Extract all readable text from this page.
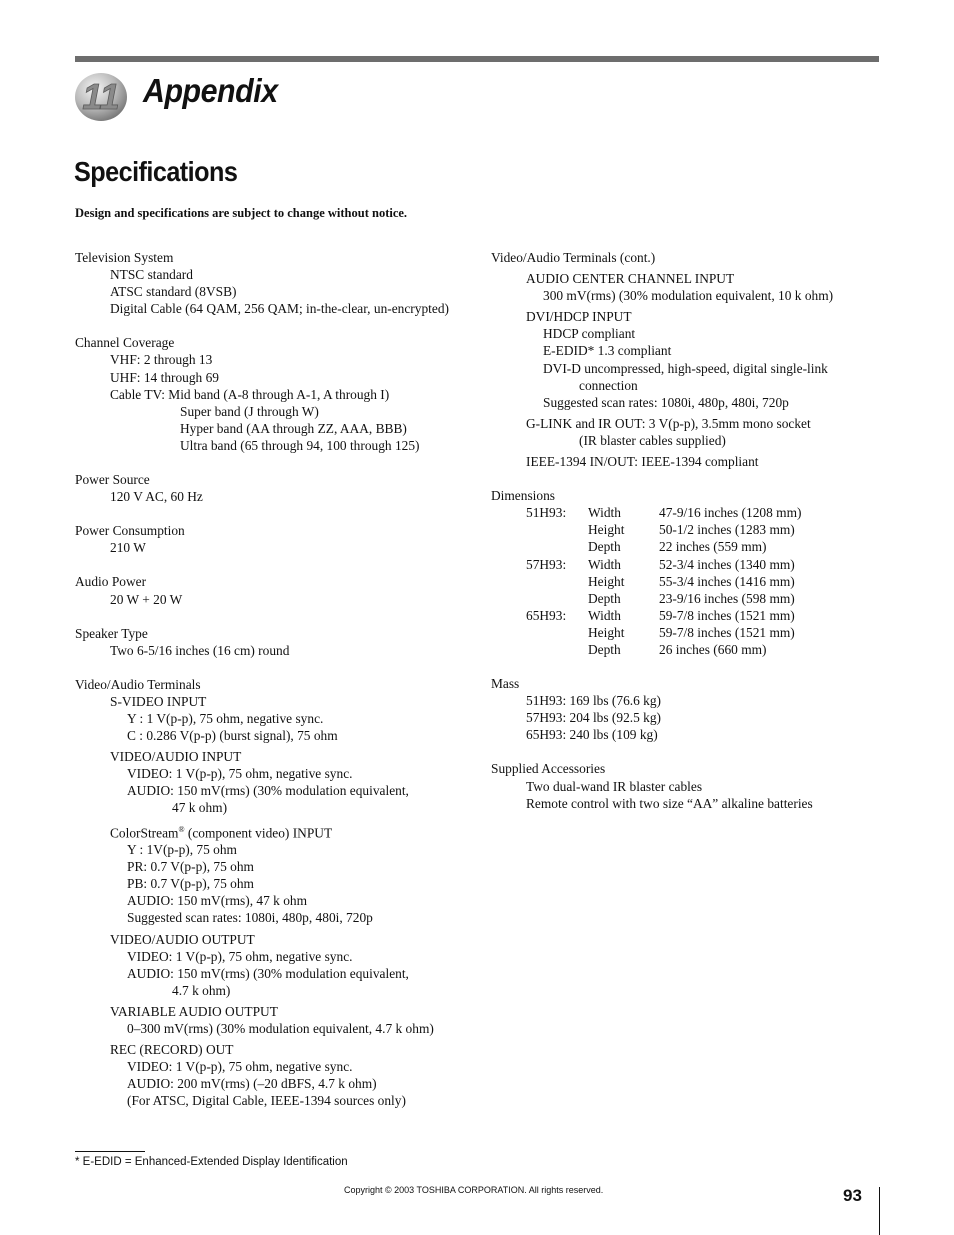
11 Appendix
Specifications
Design and specifications are subject to change without notice.
Television System
NTSC standard
ATSC standard (8VSB)
Digital Cable (64 QAM, 256 QAM; in-the-clear, un-encrypted)
Channel Coverage
VHF: 2 through 13
UHF: 14 through 69
Cable TV: Mid band (A-8 through A-1, A through I)
Super band (J through W)
Hyper band (AA through ZZ, AAA, BBB)
Ultra band (65 through 94, 100 through 125)
Power Source
120 V AC, 60 Hz
Power Consumption
210 W
Audio Power
20 W + 20 W
Speaker Type
Two 6-5/16 inches (16 cm) round
Video/Audio Terminals
S-VIDEO INPUT
Y : 1 V(p-p), 75 ohm, negative sync.
C : 0.286 V(p-p) (burst signal), 75 ohm
VIDEO/AUDIO INPUT
VIDEO: 1 V(p-p), 75 ohm, negative sync.
AUDIO: 150 mV(rms) (30% modulation equivalent,
47 k ohm)
ColorStream® (component video) INPUT
Y : 1V(p-p), 75 ohm
PR: 0.7 V(p-p), 75 ohm
PB: 0.7 V(p-p), 75 ohm
AUDIO: 150 mV(rms), 47 k ohm
Suggested scan rates: 1080i, 480p, 480i, 720p
VIDEO/AUDIO OUTPUT
VIDEO: 1 V(p-p), 75 ohm, negative sync.
AUDIO: 150 mV(rms) (30% modulation equivalent,
4.7 k ohm)
VARIABLE AUDIO OUTPUT
0–300 mV(rms) (30% modulation equivalent, 4.7 k ohm)
REC (RECORD) OUT
VIDEO: 1 V(p-p), 75 ohm, negative sync.
AUDIO: 200 mV(rms) (–20 dBFS, 4.7 k ohm)
(For ATSC, Digital Cable, IEEE-1394 sources only)
Video/Audio Terminals (cont.)
AUDIO CENTER CHANNEL INPUT
300 mV(rms) (30% modulation equivalent, 10 k ohm)
DVI/HDCP INPUT
HDCP compliant
E-EDID* 1.3 compliant
DVI-D uncompressed, high-speed, digital single-link
connection
Suggested scan rates: 1080i, 480p, 480i, 720p
G-LINK and IR OUT: 3 V(p-p), 3.5mm mono socket
(IR blaster cables supplied)
IEEE-1394 IN/OUT: IEEE-1394 compliant
Dimensions
51H93:	Width	47-9/16 inches (1208 mm)
Height	50-1/2 inches (1283 mm)
Depth	22 inches (559 mm)
57H93:	Width	52-3/4 inches (1340 mm)
Height	55-3/4 inches (1416 mm)
Depth	23-9/16 inches (598 mm)
65H93:	Width	59-7/8 inches (1521 mm)
Height	59-7/8 inches (1521 mm)
Depth	26 inches (660 mm)
Mass
51H93: 169 lbs (76.6 kg)
57H93: 204 lbs (92.5 kg)
65H93: 240 lbs (109 kg)
Supplied Accessories
Two dual-wand IR blaster cables
Remote control with two size “AA” alkaline batteries
* E-EDID = Enhanced-Extended Display Identification
Copyright © 2003 TOSHIBA CORPORATION. All rights reserved.	93
